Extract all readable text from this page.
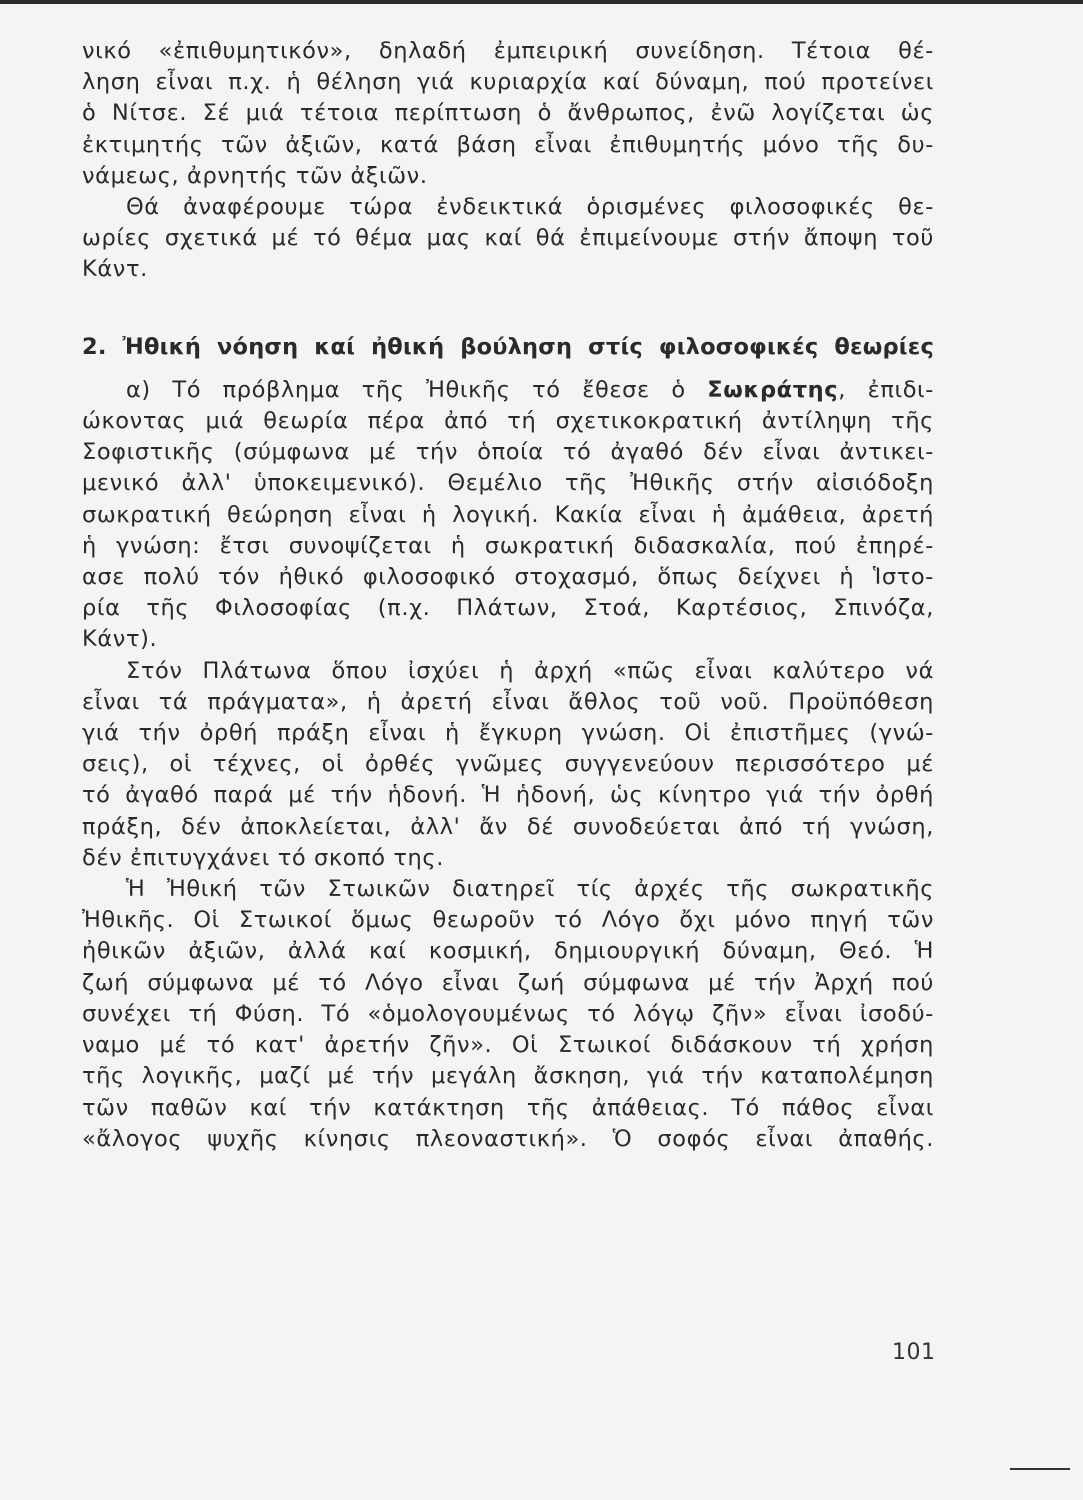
νικό «ἐπιθυμητικόν», δηλαδή ἐμπειρική συνείδηση. Τέτοια θέ-
ληση εἶναι π.χ. ἡ θέληση γιά κυριαρχία καί δύναμη, πού προτείνει
ὁ Νίτσε. Σέ μιά τέτοια περίπτωση ὁ ἄνθρωπος, ἐνῶ λογίζεται ὡς
ἐκτιμητής τῶν ἀξιῶν, κατά βάση εἶναι ἐπιθυμητής μόνο τῆς δυ-
νάμεως, ἀρνητής τῶν ἀξιῶν.
Θά ἀναφέρουμε τώρα ἐνδεικτικά ὁρισμένες φιλοσοφικές θε-
ωρίες σχετικά μέ τό θέμα μας καί θά ἐπιμείνουμε στήν ἄποψη τοῦ
Κάντ.
2. Ἠθική νόηση καί ἠθική βούληση στίς φιλοσοφικές θεωρίες
α) Τό πρόβλημα τῆς Ἠθικῆς τό ἔθεσε ὁ Σωκράτης, ἐπιδι-
ώκοντας μιά θεωρία πέρα ἀπό τή σχετικοκρατική ἀντίληψη τῆς
Σοφιστικῆς (σύμφωνα μέ τήν ὁποία τό ἀγαθό δέν εἶναι ἀντικει-
μενικό ἀλλ' ὑποκειμενικό). Θεμέλιο τῆς Ἠθικῆς στήν αἰσιόδοξη
σωκρατική θεώρηση εἶναι ἡ λογική. Κακία εἶναι ἡ ἀμάθεια, ἀρετή
ἡ γνώση: ἔτσι συνοψίζεται ἡ σωκρατική διδασκαλία, πού ἐπηρέ-
ασε πολύ τόν ἠθικό φιλοσοφικό στοχασμό, ὅπως δείχνει ἡ Ἱστο-
ρία τῆς Φιλοσοφίας (π.χ. Πλάτων, Στοά, Καρτέσιος, Σπινόζα,
Κάντ).
Στόν Πλάτωνα ὅπου ἰσχύει ἡ ἀρχή «πῶς εἶναι καλύτερο νά
εἶναι τά πράγματα», ἡ ἀρετή εἶναι ἄθλος τοῦ νοῦ. Προϋπόθεση
γιά τήν ὀρθή πράξη εἶναι ἡ ἔγκυρη γνώση. Οἱ ἐπιστῆμες (γνώ-
σεις), οἱ τέχνες, οἱ ὀρθές γνῶμες συγγενεύουν περισσότερο μέ
τό ἀγαθό παρά μέ τήν ἡδονή. Ἡ ἡδονή, ὡς κίνητρο γιά τήν ὀρθή
πράξη, δέν ἀποκλείεται, ἀλλ' ἄν δέ συνοδεύεται ἀπό τή γνώση,
δέν ἐπιτυγχάνει τό σκοπό της.
Ἡ Ἠθική τῶν Στωικῶν διατηρεῖ τίς ἀρχές τῆς σωκρατικῆς
Ἠθικῆς. Οἱ Στωικοί ὅμως θεωροῦν τό Λόγο ὄχι μόνο πηγή τῶν
ἠθικῶν ἀξιῶν, ἀλλά καί κοσμική, δημιουργική δύναμη, Θεό. Ἡ
ζωή σύμφωνα μέ τό Λόγο εἶναι ζωή σύμφωνα μέ τήν Ἀρχή πού
συνέχει τή Φύση. Τό «ὁμολογουμένως τό λόγῳ ζῆν» εἶναι ἰσοδύ-
ναμο μέ τό κατ' ἀρετήν ζῆν». Οἱ Στωικοί διδάσκουν τή χρήση
τῆς λογικῆς, μαζί μέ τήν μεγάλη ἄσκηση, γιά τήν καταπολέμηση
τῶν παθῶν καί τήν κατάκτηση τῆς ἀπάθειας. Τό πάθος εἶναι
«ἄλογος ψυχῆς κίνησις πλεοναστική». Ὁ σοφός εἶναι ἀπαθής.
101
